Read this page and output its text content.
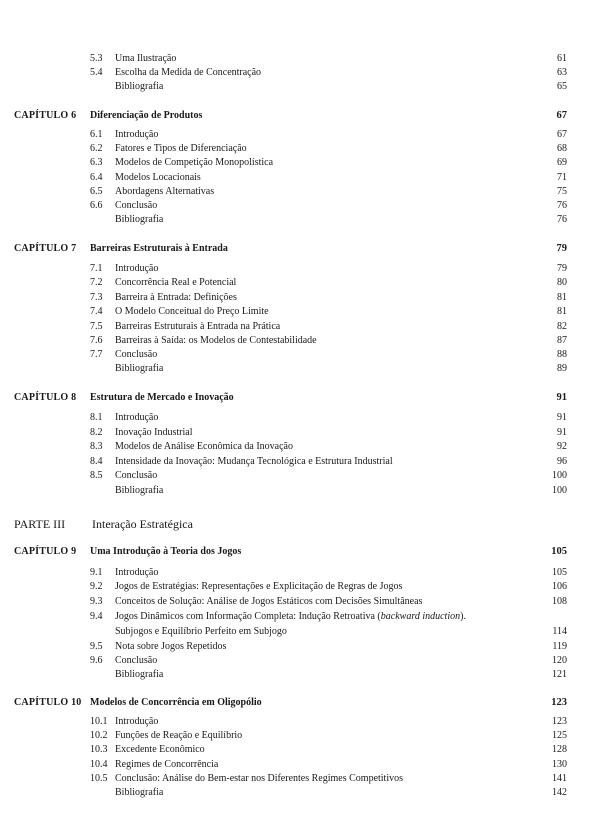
5.3 Uma Ilustração	61
5.4 Escolha da Medida de Concentração	63
Bibliografia	65
CAPÍTULO 6 Diferenciação de Produtos	67
6.1 Introdução	67
6.2 Fatores e Tipos de Diferenciação	68
6.3 Modelos de Competição Monopolística	69
6.4 Modelos Locacionais	71
6.5 Abordagens Alternativas	75
6.6 Conclusão	76
Bibliografia	76
CAPÍTULO 7 Barreiras Estruturais à Entrada	79
7.1 Introdução	79
7.2 Concorrência Real e Potencial	80
7.3 Barreira à Entrada: Definições	81
7.4 O Modelo Conceitual do Preço Limite	81
7.5 Barreiras Estruturais à Entrada na Prática	82
7.6 Barreiras à Saída: os Modelos de Contestabilidade	87
7.7 Conclusão	88
Bibliografia	89
CAPÍTULO 8 Estrutura de Mercado e Inovação	91
8.1 Introdução	91
8.2 Inovação Industrial	91
8.3 Modelos de Análise Econômica da Inovação	92
8.4 Intensidade da Inovação: Mudança Tecnológica e Estrutura Industrial	96
8.5 Conclusão	100
Bibliografia	100
PARTE III Interação Estratégica
CAPÍTULO 9 Uma Introdução à Teoria dos Jogos	105
9.1 Introdução	105
9.2 Jogos de Estratégias: Representações e Explicitação de Regras de Jogos	106
9.3 Conceitos de Solução: Análise de Jogos Estáticos com Decisões Simultâneas	108
9.4 Jogos Dinâmicos com Informação Completa: Indução Retroativa (backward induction).
Subjogos e Equilíbrio Perfeito em Subjogo	114
9.5 Nota sobre Jogos Repetidos	119
9.6 Conclusão	120
Bibliografia	121
CAPÍTULO 10 Modelos de Concorrência em Oligopólio	123
10.1 Introdução	123
10.2 Funções de Reação e Equilíbrio	125
10.3 Excedente Econômico	128
10.4 Regimes de Concorrência	130
10.5 Conclusão: Análise do Bem-estar nos Diferentes Regimes Competitivos	141
Bibliografia	142
